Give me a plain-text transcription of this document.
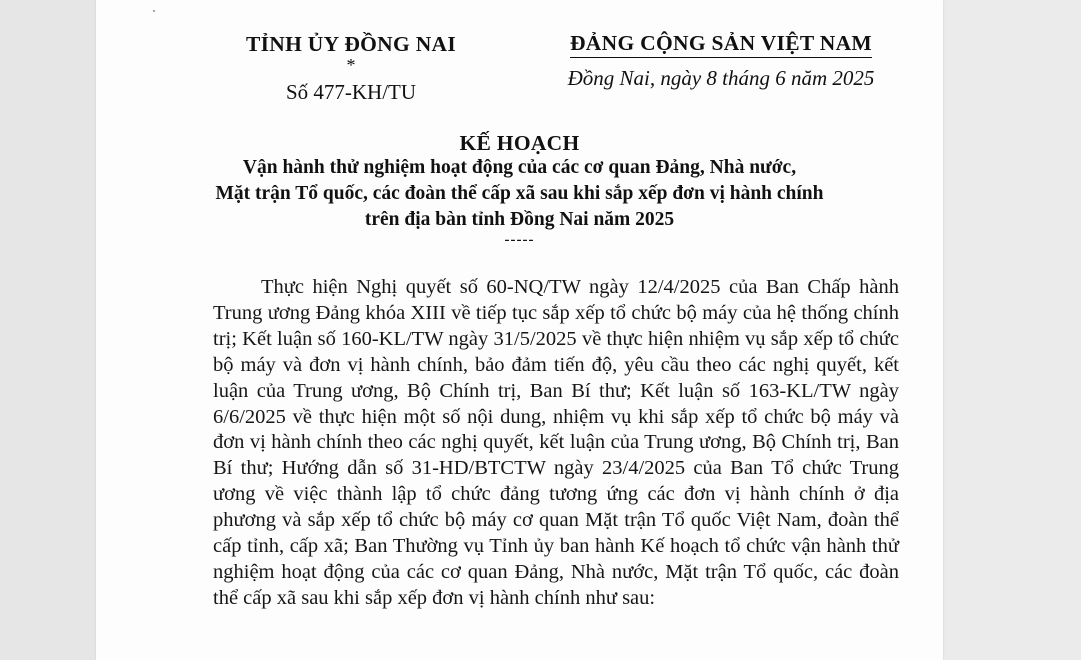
TỈNH ỦY ĐỒNG NAI
*
Số 477-KH/TU
ĐẢNG CỘNG SẢN VIỆT NAM
Đồng Nai, ngày 8 tháng 6 năm 2025
KẾ HOẠCH
Vận hành thử nghiệm hoạt động của các cơ quan Đảng, Nhà nước,
Mặt trận Tổ quốc, các đoàn thể cấp xã sau khi sắp xếp đơn vị hành chính
trên địa bàn tỉnh Đồng Nai năm 2025
-----

Thực hiện Nghị quyết số 60-NQ/TW ngày 12/4/2025 của Ban Chấp hành Trung ương Đảng khóa XIII về tiếp tục sắp xếp tổ chức bộ máy của hệ thống chính trị; Kết luận số 160-KL/TW ngày 31/5/2025 về thực hiện nhiệm vụ sắp xếp tổ chức bộ máy và đơn vị hành chính, bảo đảm tiến độ, yêu cầu theo các nghị quyết, kết luận của Trung ương, Bộ Chính trị, Ban Bí thư; Kết luận số 163-KL/TW ngày 6/6/2025 về thực hiện một số nội dung, nhiệm vụ khi sắp xếp tổ chức bộ máy và đơn vị hành chính theo các nghị quyết, kết luận của Trung ương, Bộ Chính trị, Ban Bí thư; Hướng dẫn số 31-HD/BTCTW ngày 23/4/2025 của Ban Tổ chức Trung ương về việc thành lập tổ chức đảng tương ứng các đơn vị hành chính ở địa phương và sắp xếp tổ chức bộ máy cơ quan Mặt trận Tổ quốc Việt Nam, đoàn thể cấp tỉnh, cấp xã; Ban Thường vụ Tỉnh ủy ban hành Kế hoạch tổ chức vận hành thử nghiệm hoạt động của các cơ quan Đảng, Nhà nước, Mặt trận Tổ quốc, các đoàn thể cấp xã sau khi sắp xếp đơn vị hành chính như sau:
